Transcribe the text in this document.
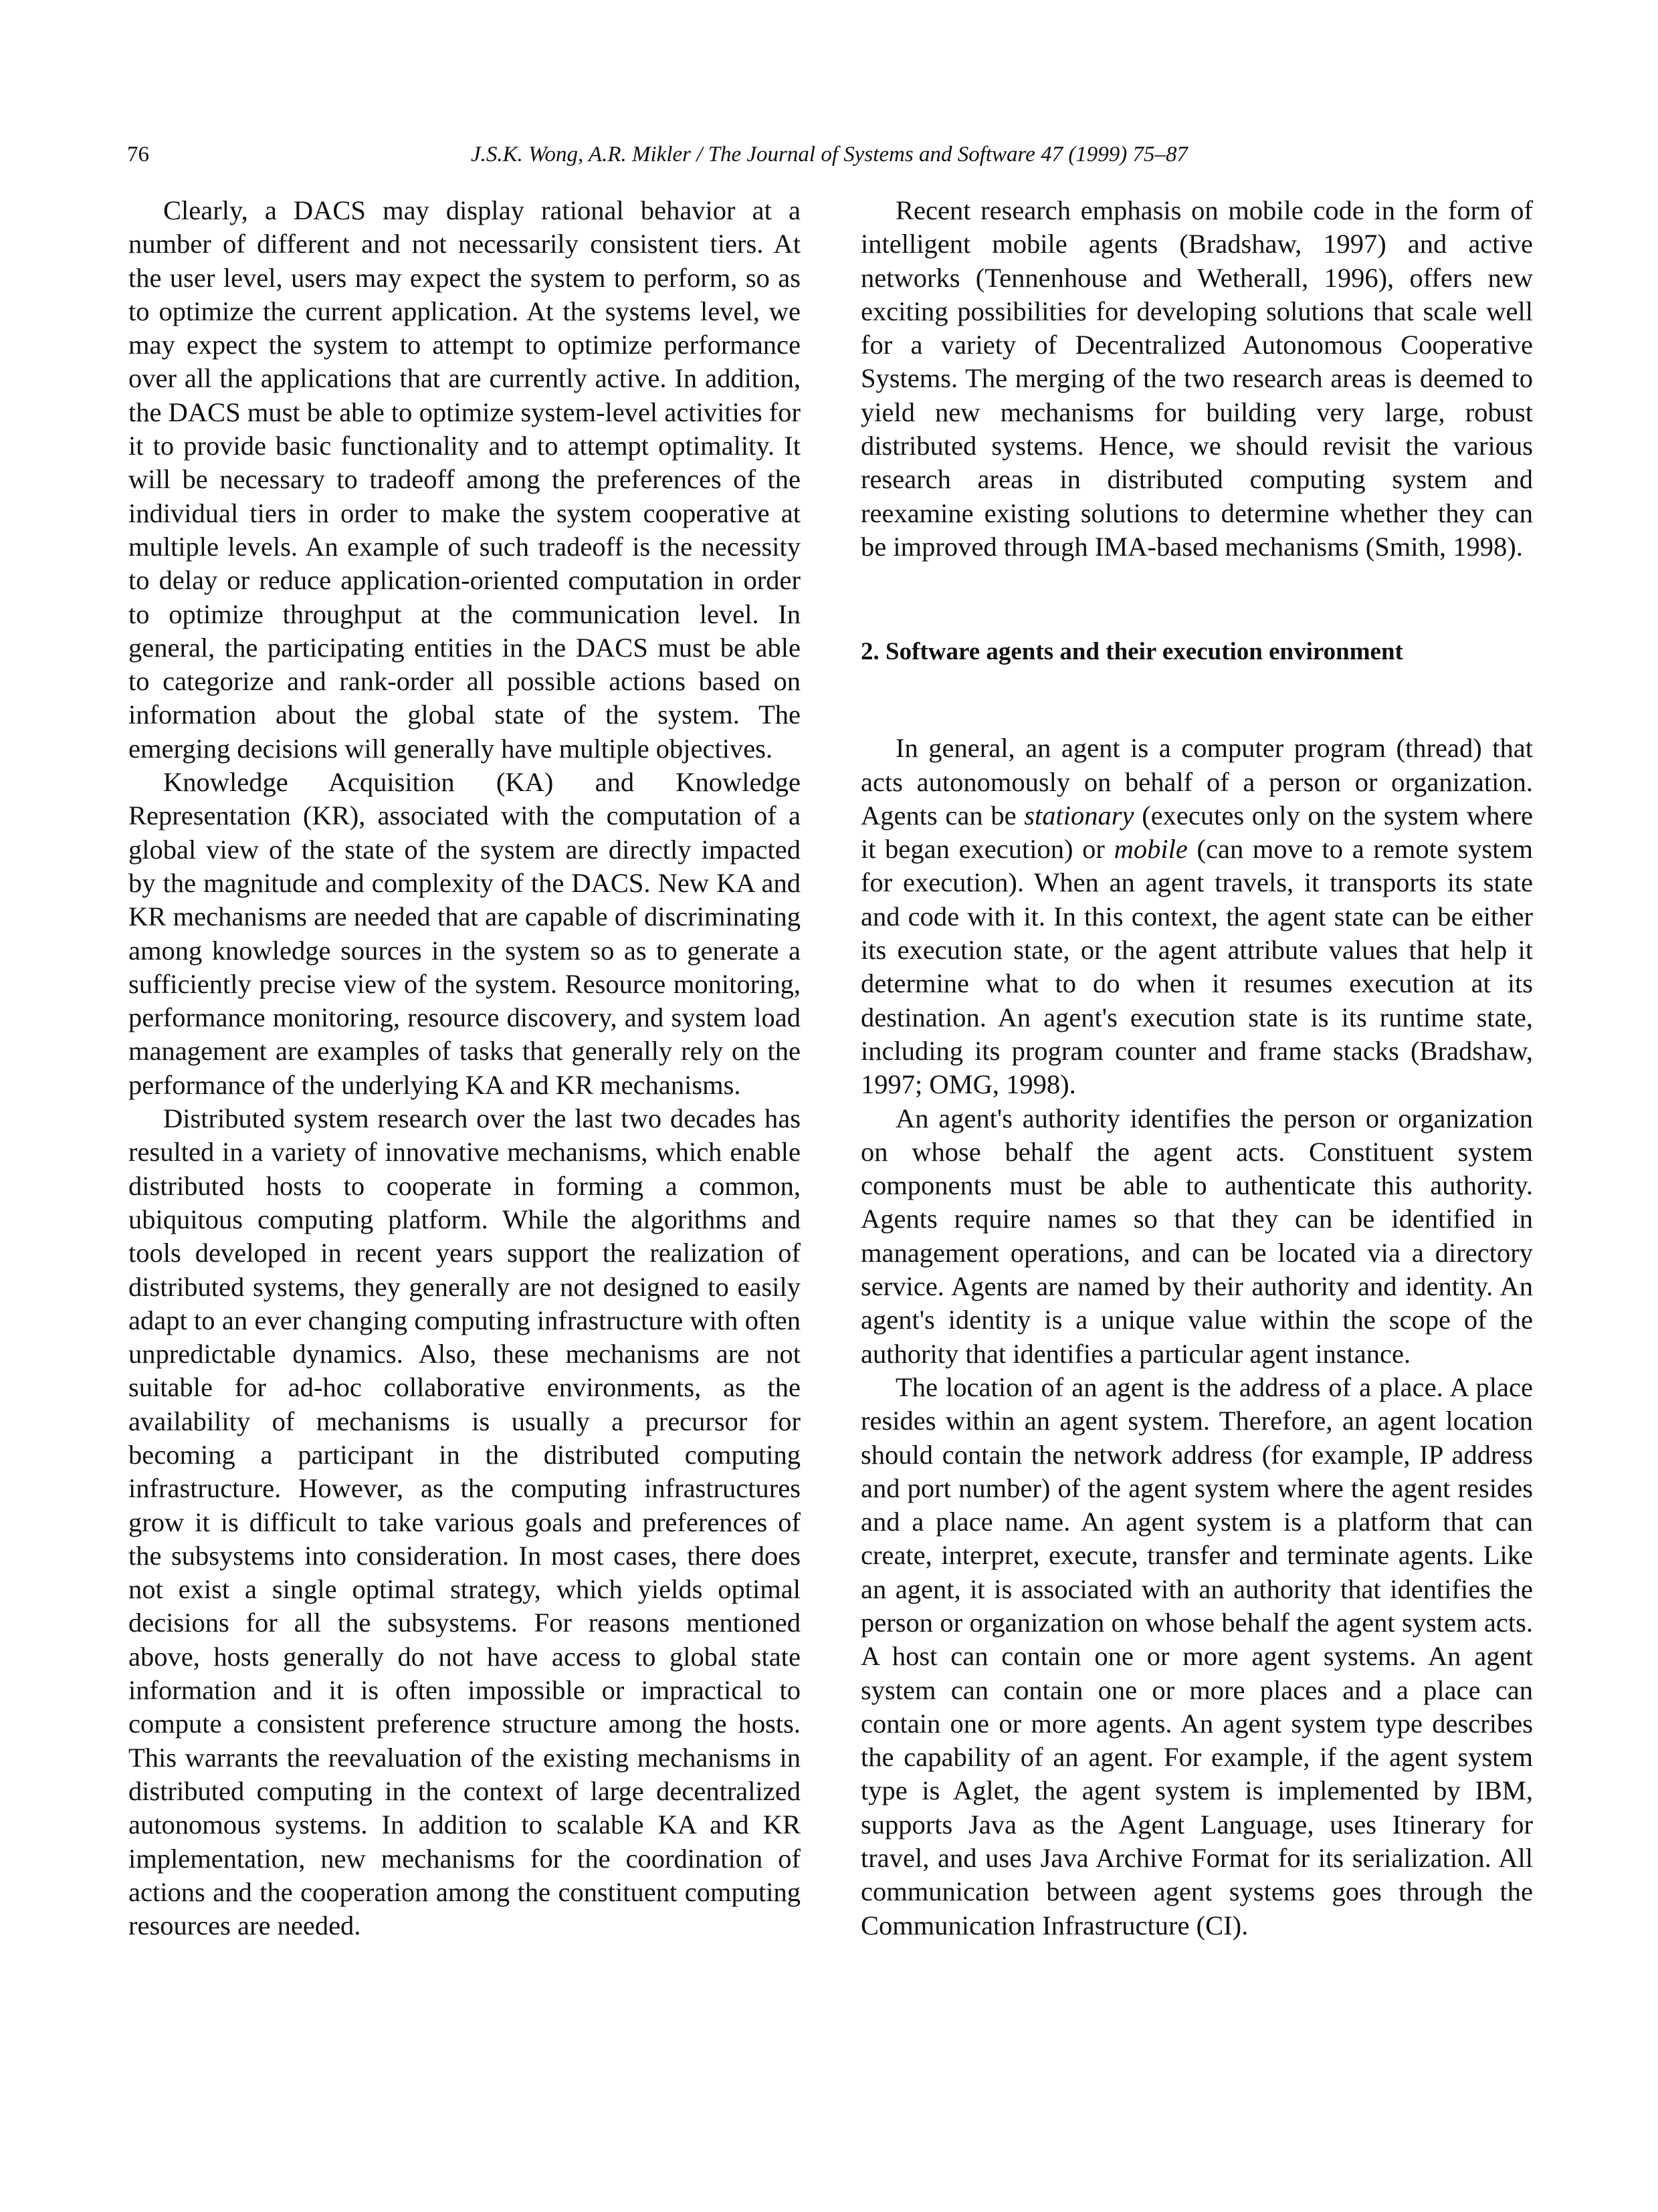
76	J.S.K. Wong, A.R. Mikler / The Journal of Systems and Software 47 (1999) 75–87

Clearly, a DACS may display rational behavior at a number of different and not necessarily consistent tiers. At the user level, users may expect the system to perform, so as to optimize the current application. At the systems level, we may expect the system to attempt to optimize performance over all the applications that are currently active. In addition, the DACS must be able to optimize system-level activities for it to provide basic functionality and to attempt optimality. It will be necessary to tradeoff among the preferences of the individual tiers in order to make the system cooperative at multiple levels. An example of such tradeoff is the necessity to delay or reduce application-oriented computation in order to optimize throughput at the communication level. In general, the participating entities in the DACS must be able to categorize and rank-order all possible actions based on information about the global state of the system. The emerging decisions will generally have multiple objectives.

Knowledge Acquisition (KA) and Knowledge Representation (KR), associated with the computation of a global view of the state of the system are directly impacted by the magnitude and complexity of the DACS. New KA and KR mechanisms are needed that are capable of discriminating among knowledge sources in the system so as to generate a sufficiently precise view of the system. Resource monitoring, performance monitoring, resource discovery, and system load management are examples of tasks that generally rely on the performance of the underlying KA and KR mechanisms.

Distributed system research over the last two decades has resulted in a variety of innovative mechanisms, which enable distributed hosts to cooperate in forming a common, ubiquitous computing platform. While the algorithms and tools developed in recent years support the realization of distributed systems, they generally are not designed to easily adapt to an ever changing computing infrastructure with often unpredictable dynamics. Also, these mechanisms are not suitable for ad-hoc collaborative environments, as the availability of mechanisms is usually a precursor for becoming a participant in the distributed computing infrastructure. However, as the computing infrastructures grow it is difficult to take various goals and preferences of the subsystems into consideration. In most cases, there does not exist a single optimal strategy, which yields optimal decisions for all the subsystems. For reasons mentioned above, hosts generally do not have access to global state information and it is often impossible or impractical to compute a consistent preference structure among the hosts. This warrants the reevaluation of the existing mechanisms in distributed computing in the context of large decentralized autonomous systems. In addition to scalable KA and KR implementation, new mechanisms for the coordination of actions and the cooperation among the constituent computing resources are needed.

Recent research emphasis on mobile code in the form of intelligent mobile agents (Bradshaw, 1997) and active networks (Tennenhouse and Wetherall, 1996), offers new exciting possibilities for developing solutions that scale well for a variety of Decentralized Autonomous Cooperative Systems. The merging of the two research areas is deemed to yield new mechanisms for building very large, robust distributed systems. Hence, we should revisit the various research areas in distributed computing system and reexamine existing solutions to determine whether they can be improved through IMA-based mechanisms (Smith, 1998).

2. Software agents and their execution environment

In general, an agent is a computer program (thread) that acts autonomously on behalf of a person or organization. Agents can be stationary (executes only on the system where it began execution) or mobile (can move to a remote system for execution). When an agent travels, it transports its state and code with it. In this context, the agent state can be either its execution state, or the agent attribute values that help it determine what to do when it resumes execution at its destination. An agent's execution state is its runtime state, including its program counter and frame stacks (Bradshaw, 1997; OMG, 1998).

An agent's authority identifies the person or organization on whose behalf the agent acts. Constituent system components must be able to authenticate this authority. Agents require names so that they can be identified in management operations, and can be located via a directory service. Agents are named by their authority and identity. An agent's identity is a unique value within the scope of the authority that identifies a particular agent instance.

The location of an agent is the address of a place. A place resides within an agent system. Therefore, an agent location should contain the network address (for example, IP address and port number) of the agent system where the agent resides and a place name. An agent system is a platform that can create, interpret, execute, transfer and terminate agents. Like an agent, it is associated with an authority that identifies the person or organization on whose behalf the agent system acts. A host can contain one or more agent systems. An agent system can contain one or more places and a place can contain one or more agents. An agent system type describes the capability of an agent. For example, if the agent system type is Aglet, the agent system is implemented by IBM, supports Java as the Agent Language, uses Itinerary for travel, and uses Java Archive Format for its serialization. All communication between agent systems goes through the Communication Infrastructure (CI).
